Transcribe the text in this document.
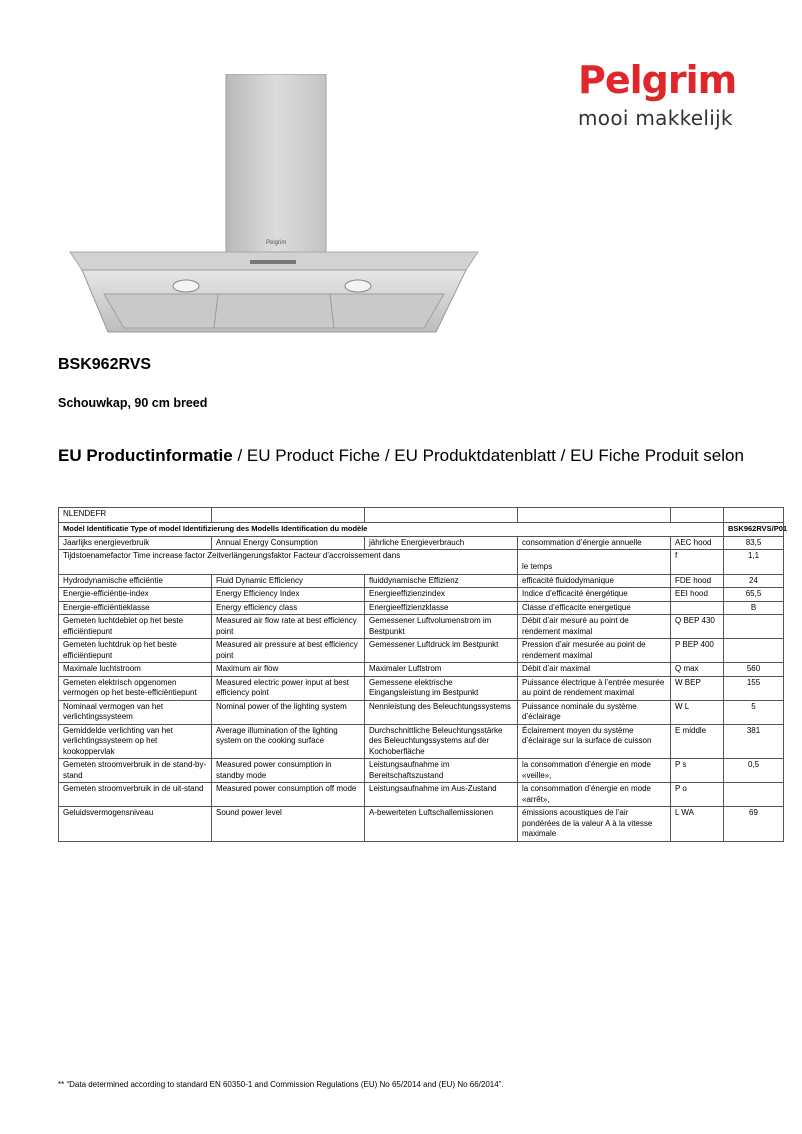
Pelgrim
Pelgrim
mooi makkelijk
BSK962RVS
Schouwkap, 90 cm breed
EU Productinformatie / EU Product Fiche / EU Produktdatenblatt / EU Fiche Produit selon
NLENDEFR					
Model Identificatie Type of model Identifizierung des Modells Identification du modèle					BSK962RVS/P01
Jaarlijks energieverbruik	Annual Energy Consumption	jährliche Energieverbrauch	consommation d’énergie annuelle	AEC hood	83,5
Tijdstoenamefactor Time increase factor Zeitverlängerungsfaktor Facteur d’accroissement dans			le temps	f	1,1
Hydrodynamische efficiëntie	Fluid Dynamic Efficiency	fluiddynamische Effizienz	efficacité fluidodymanique	FDE hood	24
Energie-efficiëntie-index	Energy Efficiency Index	Energieeffizienzindex	Indice d’efficacité énergétique	EEI hood	65,5
Energie-efficiëntieklasse	Energy efficiency class	Energieeffizienzklasse	Classe d’efficacite energetique		B
Gemeten luchtdebiet op het beste efficiëntiepunt	Measured air flow rate at best efficiency point	Gemessener Luftvolumenstrom im Bestpunkt	Débit d’air mesuré au point de rendement maximal	Q BEP 430	
Gemeten luchtdruk op het beste efficiëntiepunt	Measured air pressure at best efficiency point	Gemessener Luftdruck im Bestpunkt	Pression d’air mesurée au point de rendement maximal	P BEP 400	
Maximale luchtstroom	Maximum air flow	Maximaler Luftstrom	Débit d’air maximal	Q max	560
Gemeten elektrisch opgenomen vermogen op het beste-efficiëntiepunt	Measured electric power input at best efficiency point	Gemessene elektrische Eingangsleistung im Bestpunkt	Puissance électrique à l’entrée mesurée au point de rendement maximal	W BEP	155
Nominaal vermogen van het verlichtingssysteem	Nominal power of the lighting system	Nennleistung des Beleuchtungssystems	Puissance nominale du système d’éclairage	W L	5
Gemiddelde verlichting van het verlichtingssysteem op het kookoppervlak	Average illumination of the lighting system on the cooking surface	Durchschnittliche Beleuchtungsstärke des Beleuchtungssystems auf der Kochoberfläche	Éclairement moyen du système d’éclairage sur la surface de cuisson	E middle	381
Gemeten stroomverbruik in de stand-by- stand	Measured power consumption in standby mode	Leistungsaufnahme im Bereitschaftszustand	la consommation d’énergie en mode «veille»,	P s	0,5
Gemeten stroomverbruik in de uit-stand	Measured power consumption off mode	Leistungsaufnahme im Aus-Zustand	la consommation d’énergie en mode «arrêt»,	P o	
Geluidsvermogensniveau	Sound power level	A-bewerteten Luftschallemissionen	émissions acoustiques de l’air pondérées de la valeur A à la vitesse maximale	L WA	69
** “Data determined according to standard EN 60350-1 and Commission Regulations (EU) No 65/2014 and (EU) No 66/2014”.
